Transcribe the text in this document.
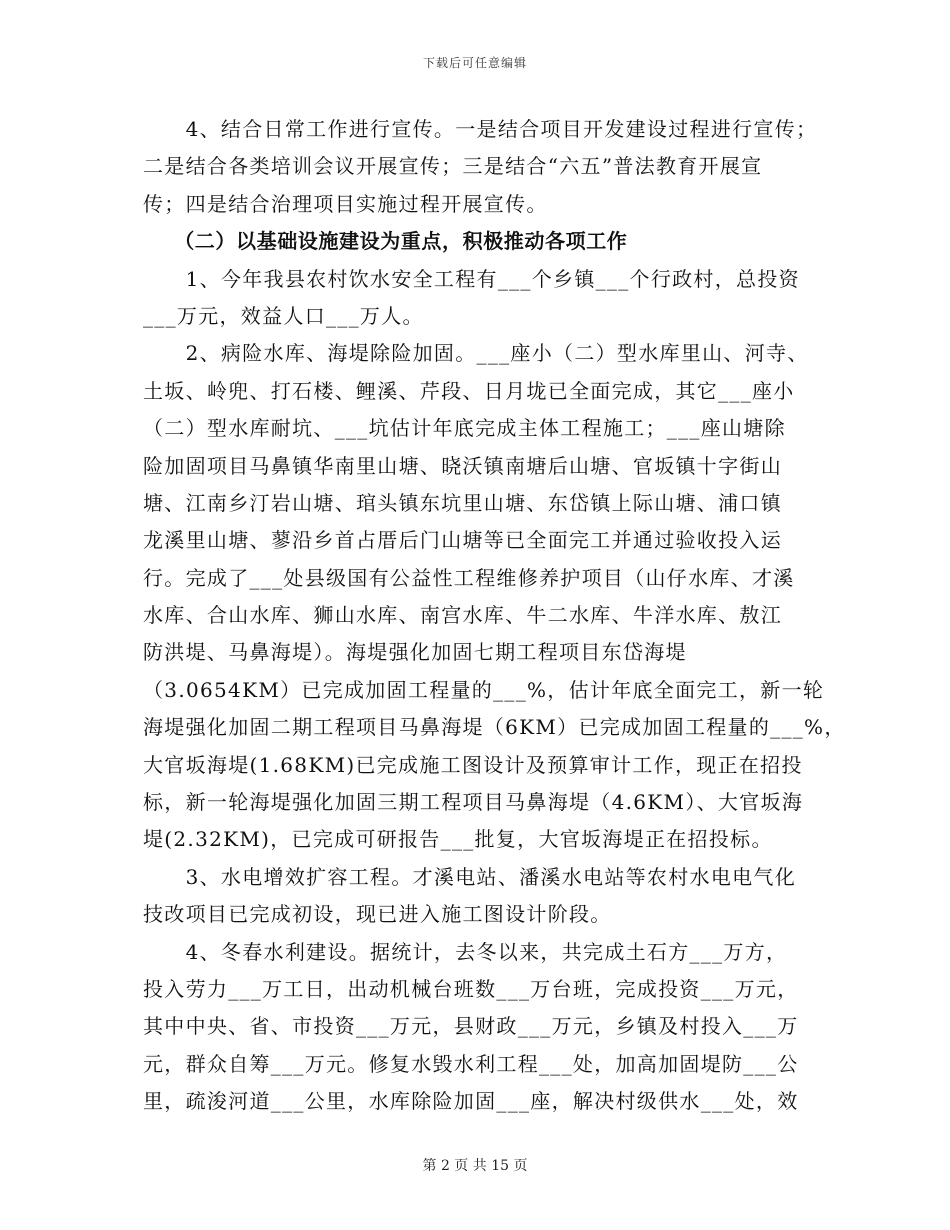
下载后可任意编辑
　　4、结合日常工作进行宣传。一是结合项目开发建设过程进行宣传；
二是结合各类培训会议开展宣传；三是结合“六五”普法教育开展宣
传；四是结合治理项目实施过程开展宣传。
　　（二）以基础设施建设为重点，积极推动各项工作
　　1、今年我县农村饮水安全工程有___个乡镇___个行政村，总投资
___万元，效益人口___万人。
　　2、病险水库、海堤除险加固。___座小（二）型水库里山、河寺、
土坂、岭兜、打石楼、鲤溪、芹段、日月垅已全面完成，其它___座小
（二）型水库耐坑、___坑估计年底完成主体工程施工；___座山塘除
险加固项目马鼻镇华南里山塘、晓沃镇南塘后山塘、官坂镇十字街山
塘、江南乡汀岩山塘、琯头镇东坑里山塘、东岱镇上际山塘、浦口镇
龙溪里山塘、蓼沿乡首占厝后门山塘等已全面完工并通过验收投入运
行。完成了___处县级国有公益性工程维修养护项目（山仔水库、才溪
水库、合山水库、狮山水库、南宫水库、牛二水库、牛洋水库、敖江
防洪堤、马鼻海堤）。海堤强化加固七期工程项目东岱海堤
（3.0654KM）已完成加固工程量的___%，估计年底全面完工，新一轮
海堤强化加固二期工程项目马鼻海堤（6KM）已完成加固工程量的___%，
大官坂海堤(1.68KM)已完成施工图设计及预算审计工作，现正在招投
标，新一轮海堤强化加固三期工程项目马鼻海堤（4.6KM）、大官坂海
堤(2.32KM)，已完成可研报告___批复，大官坂海堤正在招投标。
　　3、水电增效扩容工程。才溪电站、潘溪水电站等农村水电电气化
技改项目已完成初设，现已进入施工图设计阶段。
　　4、冬春水利建设。据统计，去冬以来，共完成土石方___万方，
投入劳力___万工日，出动机械台班数___万台班，完成投资___万元，
其中中央、省、市投资___万元，县财政___万元，乡镇及村投入___万
元，群众自筹___万元。修复水毁水利工程___处，加高加固堤防___公
里，疏浚河道___公里，水库除险加固___座，解决村级供水___处，效
第 2 页 共 15 页
